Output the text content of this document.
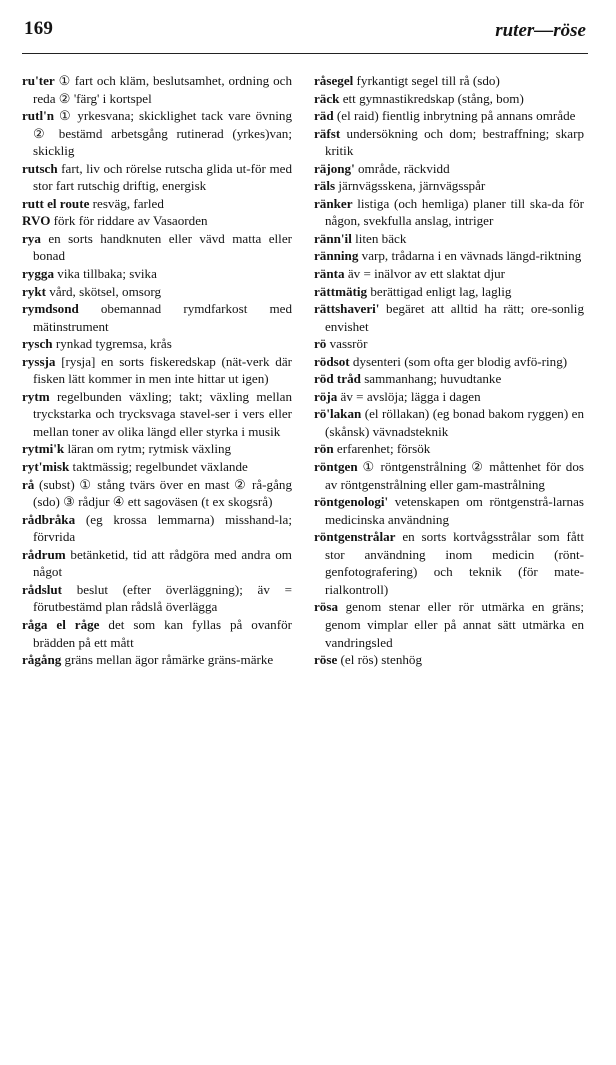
169	ruter—röse

ru'ter ① fart och kläm, beslutsamhet, ordning och reda ② 'färg' i kortspel

rutl'n ① yrkesvana; skicklighet tack vare övning ② bestämd arbetsgång rutinerad (yrkes)van; skicklig

rutsch fart, liv och rörelse rutscha glida ut-för med stor fart rutschig driftig, energisk

rutt el route resväg, farled

RVO förk för riddare av Vasaorden

rya en sorts handknuten eller vävd matta eller bonad

rygga vika tillbaka; svika

rykt vård, skötsel, omsorg

rymdsond obemannad rymdfarkost med mätinstrument

rysch rynkad tygremsa, krås

ryssja [rysja] en sorts fiskeredskap (nät-verk där fisken lätt kommer in men inte hittar ut igen)

rytm regelbunden växling; takt; växling mellan tryckstarka och trycksvaga stavel-ser i vers eller mellan toner av olika längd eller styrka i musik

rytmi'k läran om rytm; rytmisk växling

ryt'misk taktmässig; regelbundet växlande

rå (subst) ① stång tvärs över en mast ② rå-gång (sdo) ③ rådjur ④ ett sagoväsen (t ex skogsrå)

rådbråka (eg krossa lemmarna) misshand-la; förvrida

rådrum betänketid, tid att rådgöra med andra om något

rådslut beslut (efter överläggning); äv = förutbestämd plan rådslå överlägga

råga el råge det som kan fyllas på ovanför brädden på ett mått

rågång gräns mellan ägor råmärke gräns-märke

råsegel fyrkantigt segel till rå (sdo)

räck ett gymnastikredskap (stång, bom)

räd (el raid) fientlig inbrytning på annans område

räfst undersökning och dom; bestraffning; skarp kritik

räjong' område, räckvidd

räls järnvägsskena, järnvägsspår

ränker listiga (och hemliga) planer till ska-da för någon, svekfulla anslag, intriger

ränn'il liten bäck

ränning varp, trådarna i en vävnads längd-riktning

ränta äv = inälvor av ett slaktat djur

rättmätig berättigad enligt lag, laglig

rättshaveri' begäret att alltid ha rätt; ore-sonlig envishet

rö vassrör

rödsot dysenteri (som ofta ger blodig avfö-ring)

röd tråd sammanhang; huvudtanke

röja äv = avslöja; lägga i dagen

rö'lakan (el röllakan) (eg bonad bakom ryggen) en (skånsk) vävnadsteknik

rön erfarenhet; försök

röntgen ① röntgenstrålning ② måttenhet för dos av röntgenstrålning eller gam-mastrålning

röntgenologi' vetenskapen om röntgenstrå-larnas medicinska användning

röntgenstrålar en sorts kortvågsstrålar som fått stor användning inom medicin (rönt-genfotografering) och teknik (för mate-rialkontroll)

rösa genom stenar eller rör utmärka en gräns; genom vimplar eller på annat sätt utmärka en vandringsled

röse (el rös) stenhög
